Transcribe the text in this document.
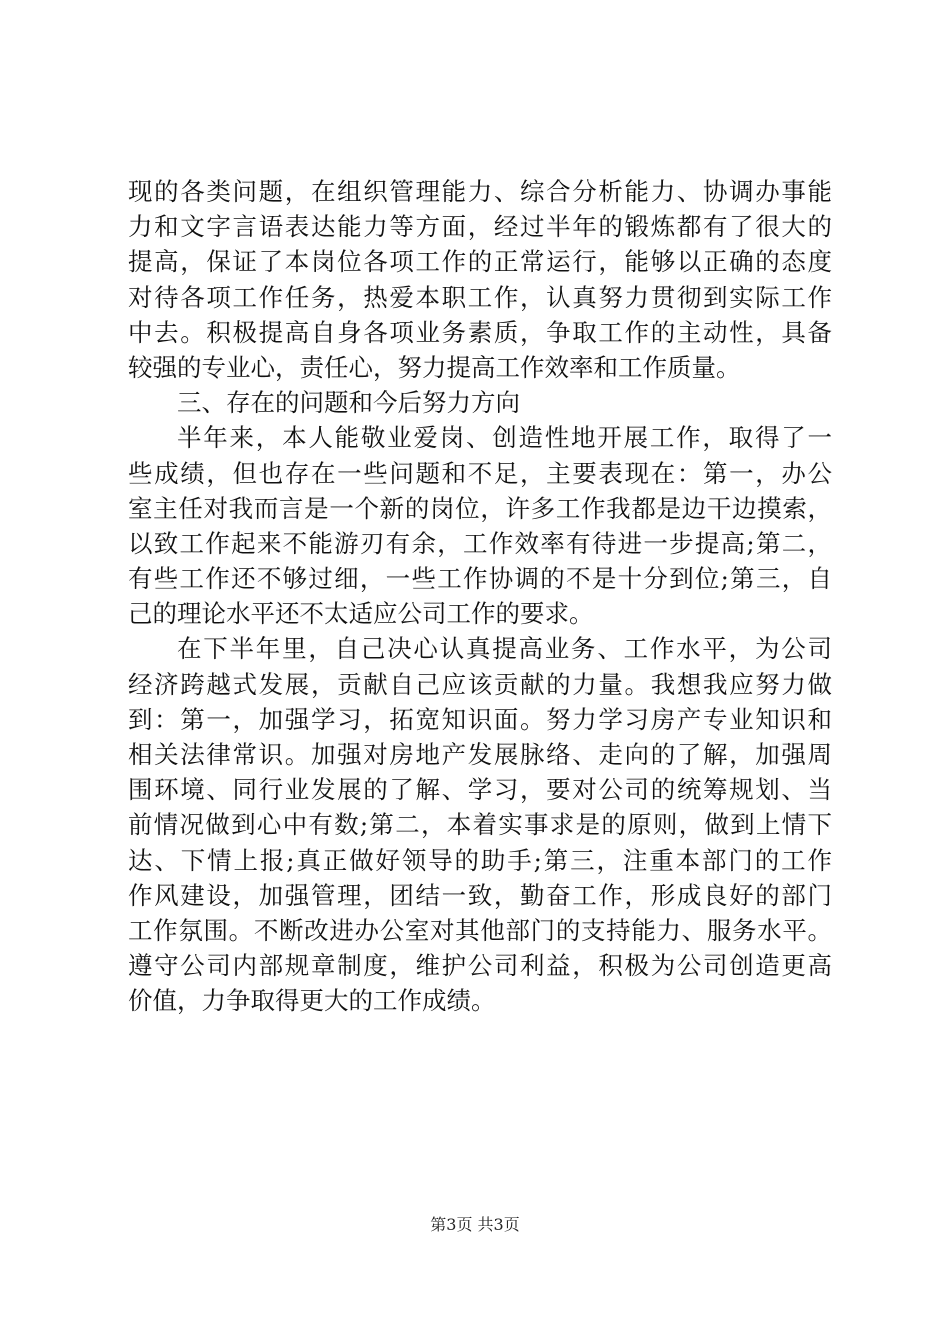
现的各类问题，在组织管理能力、综合分析能力、协调办事能
力和文字言语表达能力等方面，经过半年的锻炼都有了很大的
提高，保证了本岗位各项工作的正常运行，能够以正确的态度
对待各项工作任务，热爱本职工作，认真努力贯彻到实际工作
中去。积极提高自身各项业务素质，争取工作的主动性，具备
较强的专业心，责任心，努力提高工作效率和工作质量。
三、存在的问题和今后努力方向
半年来，本人能敬业爱岗、创造性地开展工作，取得了一
些成绩，但也存在一些问题和不足，主要表现在：第一，办公
室主任对我而言是一个新的岗位，许多工作我都是边干边摸索，
以致工作起来不能游刃有余，工作效率有待进一步提高;第二，
有些工作还不够过细，一些工作协调的不是十分到位;第三，自
己的理论水平还不太适应公司工作的要求。
在下半年里，自己决心认真提高业务、工作水平，为公司
经济跨越式发展，贡献自己应该贡献的力量。我想我应努力做
到：第一，加强学习，拓宽知识面。努力学习房产专业知识和
相关法律常识。加强对房地产发展脉络、走向的了解，加强周
围环境、同行业发展的了解、学习，要对公司的统筹规划、当
前情况做到心中有数;第二，本着实事求是的原则，做到上情下
达、下情上报;真正做好领导的助手;第三，注重本部门的工作
作风建设，加强管理，团结一致，勤奋工作，形成良好的部门
工作氛围。不断改进办公室对其他部门的支持能力、服务水平。
遵守公司内部规章制度，维护公司利益，积极为公司创造更高
价值，力争取得更大的工作成绩。
第3页 共3页
